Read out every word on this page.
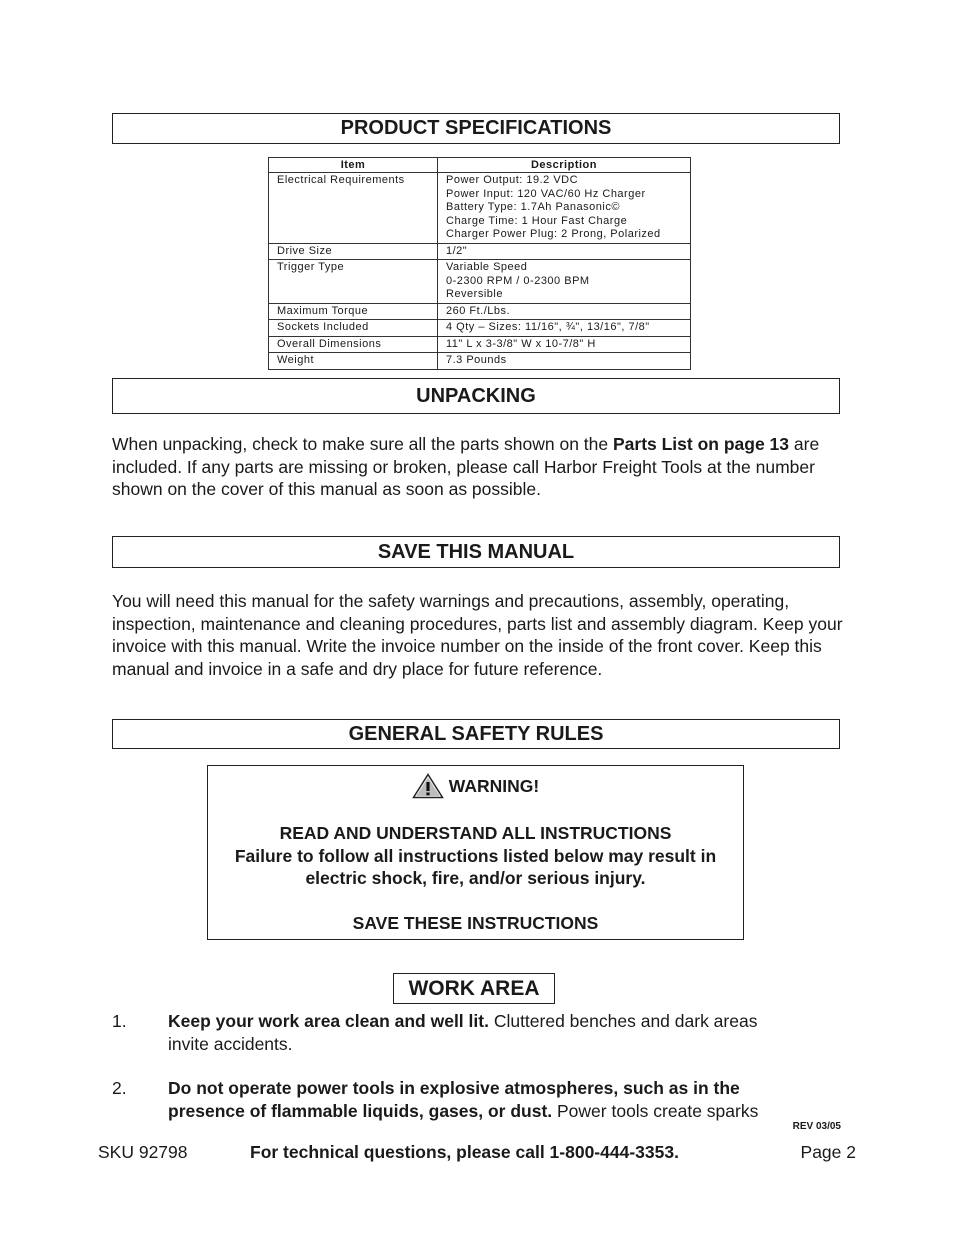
PRODUCT SPECIFICATIONS
Item	Description
Electrical Requirements	Power Output: 19.2 VDC
Power Input: 120 VAC/60 Hz Charger
Battery Type: 1.7Ah Panasonic©
Charge Time: 1 Hour Fast Charge
Charger Power Plug: 2 Prong, Polarized

Drive Size	1/2"

Trigger Type	Variable Speed
0-2300 RPM / 0-2300 BPM
Reversible

Maximum Torque	260 Ft./Lbs.

Sockets Included	4 Qty – Sizes: 11/16", ¾", 13/16", 7/8"

Overall Dimensions	11" L x 3-3/8" W x 10-7/8" H

Weight	7.3 Pounds
UNPACKING
When unpacking, check to make sure all the parts shown on the Parts List on page 13 are included. If any parts are missing or broken, please call Harbor Freight Tools at the number shown on the cover of this manual as soon as possible.
SAVE THIS MANUAL
You will need this manual for the safety warnings and precautions, assembly, operating, inspection, maintenance and cleaning procedures, parts list and assembly diagram. Keep your invoice with this manual. Write the invoice number on the inside of the front cover. Keep this manual and invoice in a safe and dry place for future reference.
GENERAL SAFETY RULES
WARNING!
READ AND UNDERSTAND ALL INSTRUCTIONS
Failure to follow all instructions listed below may result in
electric shock, fire, and/or serious injury.
SAVE THESE INSTRUCTIONS
WORK AREA
1. Keep your work area clean and well lit. Cluttered benches and dark areas
invite accidents.
2. Do not operate power tools in explosive atmospheres, such as in the
presence of flammable liquids, gases, or dust. Power tools create sparks
REV 03/05
SKU 92798	For technical questions, please call 1-800-444-3353.	Page 2
